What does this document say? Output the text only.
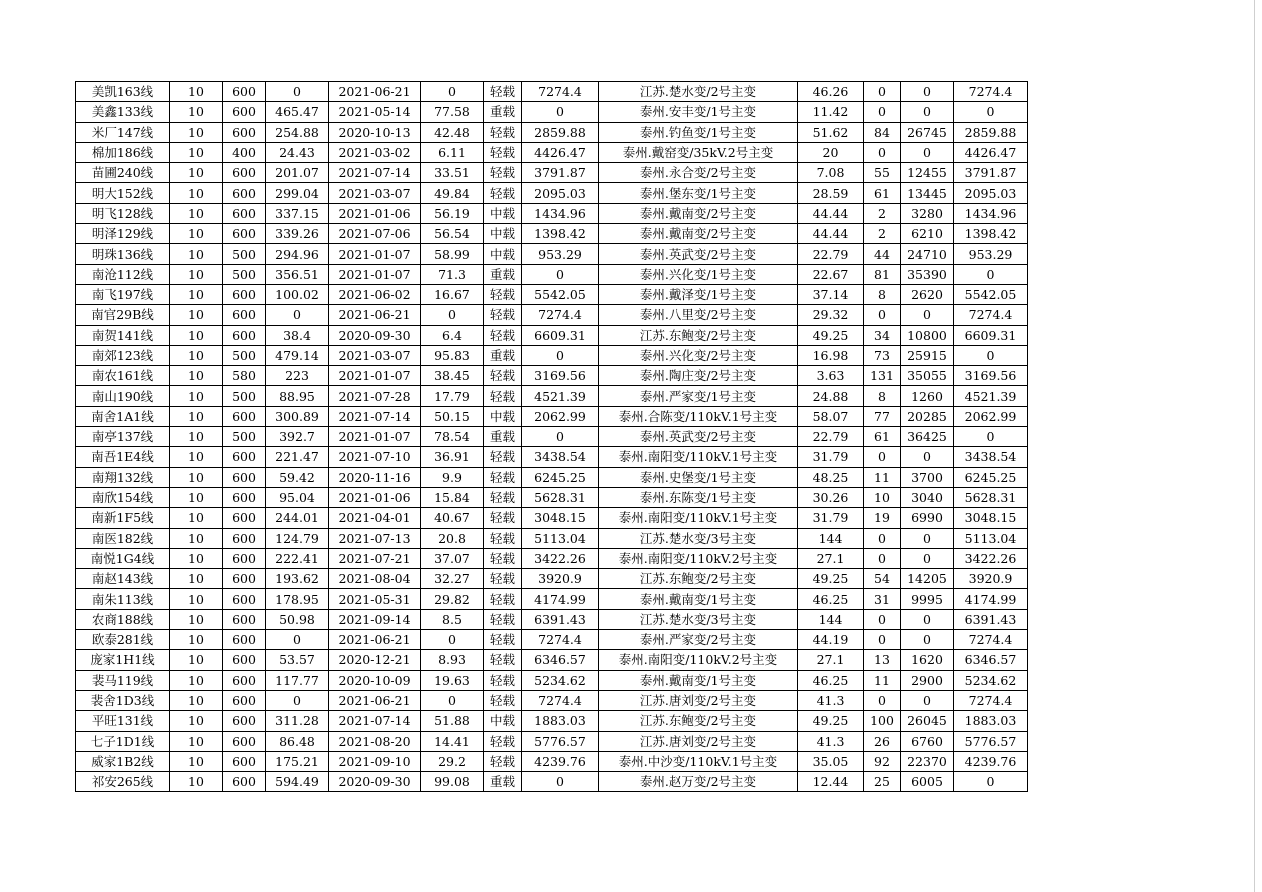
美凯163线	10	600	0	2021-06-21	0	轻载	7274.4	江苏.楚水变/2号主变	46.26	0	0	7274.4
美鑫133线	10	600	465.47	2021-05-14	77.58	重载	0	泰州.安丰变/1号主变	11.42	0	0	0
米厂147线	10	600	254.88	2020-10-13	42.48	轻载	2859.88	泰州.钓鱼变/1号主变	51.62	84	26745	2859.88
棉加186线	10	400	24.43	2021-03-02	6.11	轻载	4426.47	泰州.戴窑变/35kV.2号主变	20	0	0	4426.47
苗圃240线	10	600	201.07	2021-07-14	33.51	轻载	3791.87	泰州.永合变/2号主变	7.08	55	12455	3791.87
明大152线	10	600	299.04	2021-03-07	49.84	轻载	2095.03	泰州.堡东变/1号主变	28.59	61	13445	2095.03
明飞128线	10	600	337.15	2021-01-06	56.19	中载	1434.96	泰州.戴南变/2号主变	44.44	2	3280	1434.96
明泽129线	10	600	339.26	2021-07-06	56.54	中载	1398.42	泰州.戴南变/2号主变	44.44	2	6210	1398.42
明珠136线	10	500	294.96	2021-01-07	58.99	中载	953.29	泰州.英武变/2号主变	22.79	44	24710	953.29
南沧112线	10	500	356.51	2021-01-07	71.3	重载	0	泰州.兴化变/1号主变	22.67	81	35390	0
南飞197线	10	600	100.02	2021-06-02	16.67	轻载	5542.05	泰州.戴泽变/1号主变	37.14	8	2620	5542.05
南官29B线	10	600	0	2021-06-21	0	轻载	7274.4	泰州.八里变/2号主变	29.32	0	0	7274.4
南贺141线	10	600	38.4	2020-09-30	6.4	轻载	6609.31	江苏.东鲍变/2号主变	49.25	34	10800	6609.31
南郊123线	10	500	479.14	2021-03-07	95.83	重载	0	泰州.兴化变/2号主变	16.98	73	25915	0
南农161线	10	580	223	2021-01-07	38.45	轻载	3169.56	泰州.陶庄变/2号主变	3.63	131	35055	3169.56
南山190线	10	500	88.95	2021-07-28	17.79	轻载	4521.39	泰州.严家变/1号主变	24.88	8	1260	4521.39
南舍1A1线	10	600	300.89	2021-07-14	50.15	中载	2062.99	泰州.合陈变/110kV.1号主变	58.07	77	20285	2062.99
南亭137线	10	500	392.7	2021-01-07	78.54	重载	0	泰州.英武变/2号主变	22.79	61	36425	0
南吾1E4线	10	600	221.47	2021-07-10	36.91	轻载	3438.54	泰州.南阳变/110kV.1号主变	31.79	0	0	3438.54
南翔132线	10	600	59.42	2020-11-16	9.9	轻载	6245.25	泰州.史堡变/1号主变	48.25	11	3700	6245.25
南欣154线	10	600	95.04	2021-01-06	15.84	轻载	5628.31	泰州.东陈变/1号主变	30.26	10	3040	5628.31
南新1F5线	10	600	244.01	2021-04-01	40.67	轻载	3048.15	泰州.南阳变/110kV.1号主变	31.79	19	6990	3048.15
南医182线	10	600	124.79	2021-07-13	20.8	轻载	5113.04	江苏.楚水变/3号主变	144	0	0	5113.04
南悦1G4线	10	600	222.41	2021-07-21	37.07	轻载	3422.26	泰州.南阳变/110kV.2号主变	27.1	0	0	3422.26
南赵143线	10	600	193.62	2021-08-04	32.27	轻载	3920.9	江苏.东鲍变/2号主变	49.25	54	14205	3920.9
南朱113线	10	600	178.95	2021-05-31	29.82	轻载	4174.99	泰州.戴南变/1号主变	46.25	31	9995	4174.99
农商188线	10	600	50.98	2021-09-14	8.5	轻载	6391.43	江苏.楚水变/3号主变	144	0	0	6391.43
欧泰281线	10	600	0	2021-06-21	0	轻载	7274.4	泰州.严家变/2号主变	44.19	0	0	7274.4
庞家1H1线	10	600	53.57	2020-12-21	8.93	轻载	6346.57	泰州.南阳变/110kV.2号主变	27.1	13	1620	6346.57
裴马119线	10	600	117.77	2020-10-09	19.63	轻载	5234.62	泰州.戴南变/1号主变	46.25	11	2900	5234.62
裴舍1D3线	10	600	0	2021-06-21	0	轻载	7274.4	江苏.唐刘变/2号主变	41.3	0	0	7274.4
平旺131线	10	600	311.28	2021-07-14	51.88	中载	1883.03	江苏.东鲍变/2号主变	49.25	100	26045	1883.03
七子1D1线	10	600	86.48	2021-08-20	14.41	轻载	5776.57	江苏.唐刘变/2号主变	41.3	26	6760	5776.57
威家1B2线	10	600	175.21	2021-09-10	29.2	轻载	4239.76	泰州.中沙变/110kV.1号主变	35.05	92	22370	4239.76
祁安265线	10	600	594.49	2020-09-30	99.08	重载	0	泰州.赵万变/2号主变	12.44	25	6005	0
